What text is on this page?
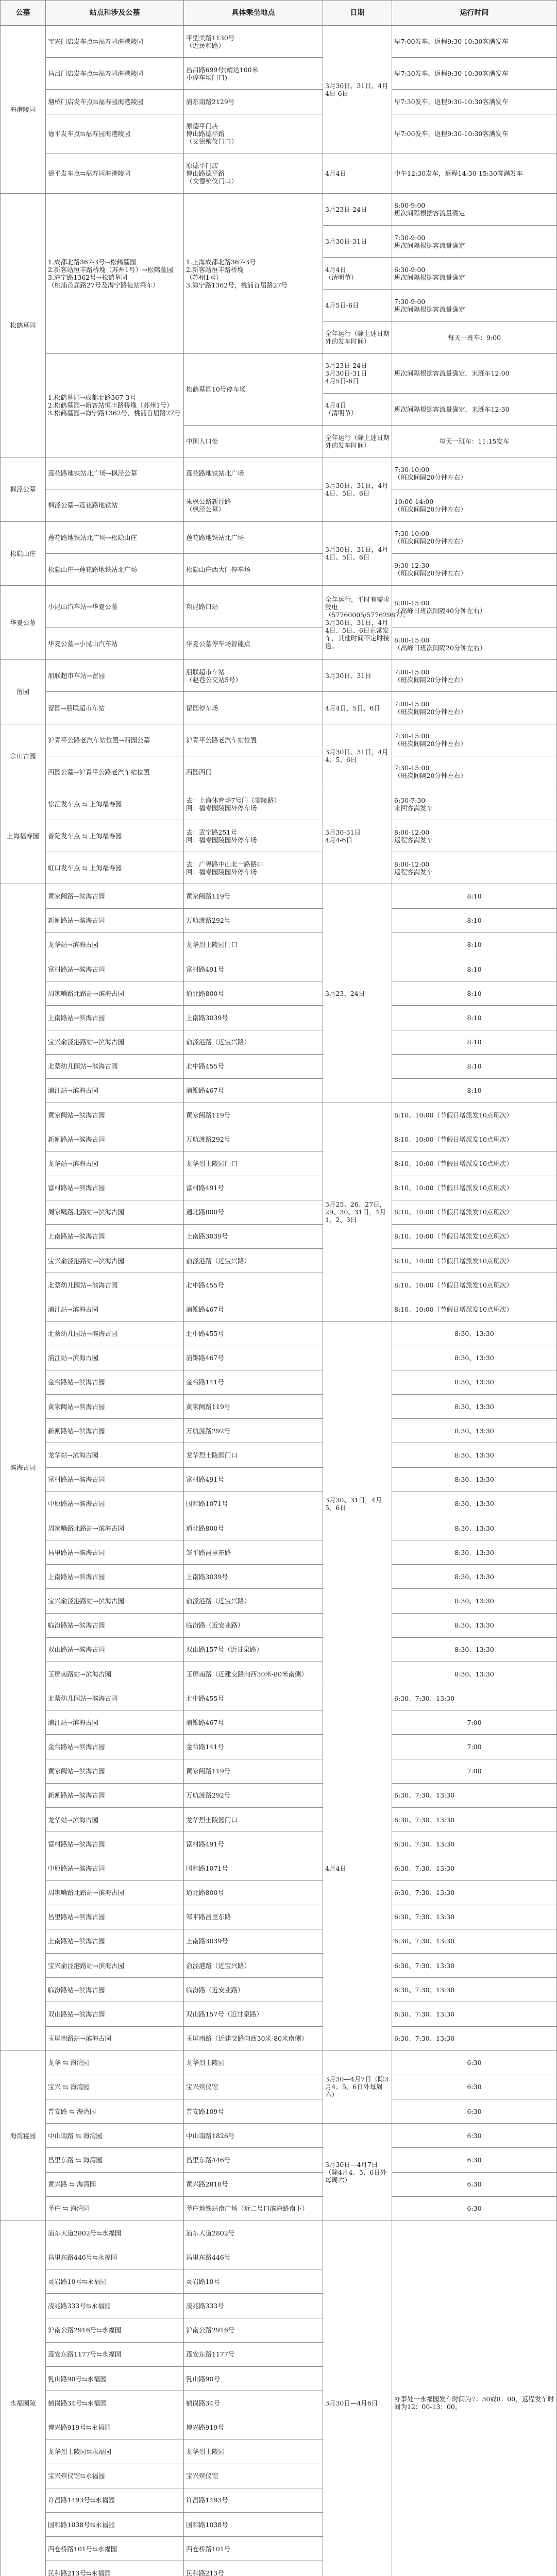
公墓	站点和涉及公墓	具体乘坐地点	日期	运行时间
海港陵园	宝兴门店发车点⇆福寿园海港陵园	平型关路1130号
（近民和路）	3月30日、31日、4月4日-6日	早7:00发车，返程9:30-10:30客满发车
	昌吕门店发车点⇆福寿园海港陵园	昌吕路699号(靖达100米
小停车场门口)		早7:30发车，返程9:30-10:30客满发车
	塘桥门店发车点⇆福寿园海港陵园	浦东南路2129号		早7:30发车，返程9:30-10:30客满发车
	德平发车点⇆福寿园海港陵园	原德平门店
博山路德平路
（文德殡仪门口）		早7:00发车，返程9:30-10:30客满发车
	德平发车点⇆福寿园海港陵园	原德平门店
博山路德平路
（文德殡仪门口）	4月4日	中午12:30发车，返程14:30-15:30客满发车
松鹤墓园	1.成都北路367-3号→松鹤墓园
2.新客站恒丰路桥堍（苏州1号）→松鹤墓园
3.海宁路1362号→松鹤墓园
（桃浦首届路27号及海宁路徒站乘车）	1.上海成都北路367-3号
2.新客站恒丰路桥堍
（苏州1号）
3.海宁路1362号，桃浦首届路27号	3月23日-24日	8:00-9:00
班次间隔根据客流量确定
			3月30日-31日	7:30-9:00
班次间隔根据客流量确定
			4月4日
（清明节）	6:30-9:00
班次间隔根据客流量确定
			4月5日-6日	7:30-9:00
班次间隔根据客流量确定
			全年运行（除上述日期外的发车时间）	每天一班车：9:00
	1.松鹤墓园→成都北路367-3号
2.松鹤墓园→新客站恒丰路桥堍（苏州1号）
3.松鹤墓园→海宁路1362号，桃浦首届路27号	松鹤墓园10号停车场	3月23日-24日
3月30日-31日
4月5日-6日	班次间隔根据客流量确定，末班车12:00
			4月4日
（清明节）	班次间隔根据客流量确定，末班车12:30
		中国人口处	全年运行（除上述日期外的发车时间）	每天一班车：11:15发车
枫泾公墓	莲花路地铁站北广场→枫泾公墓	莲花路地铁站北广场	3月30日、31日，4月4日、5日、6日	7:30-10:00
（班次间隔20分钟左右）
	枫泾公墓→莲花路地铁站	朱枫公路新泾路
（枫泾公墓）		10:00-14:00
（班次间隔20分钟左右）
松隐山庄	莲花路地铁站北广场→松隐山庄	莲花路地铁站北广场	3月30日、31日，4月4日、5日、6日	7:30-10:00
（班次间隔20分钟左右）
	松隐山庄→莲花路地铁站北广场	松隐山庄西大门停车场		9:30-12:30
（班次间隔20分钟左右）
华夏公墓	小昆山汽车站→华夏公墓	翔昆路口站	全年运行，平时有需求致电（57760005/57762987）；3月30日、31日，4月4日、5日、6日正常发车，其他时间不定时接送。	8:00-15:00
（高峰日班次间隔40分钟左右）
	华夏公墓→小昆山汽车站	华夏公墓停车场智能点		8:00-15:00
（高峰日班次间隔20分钟左右）
留园	朋联超市车站→留园	朋联超市车站
（赵巷公交站5号）	3月30日、31日	7:00-15:00
（班次间隔20分钟左右）
	留园→朋联超市车站	留园停车场	4月4日、5日、6日	7:00-15:00
（班次间隔20分钟左右）
佘山古园	沪青平公路老汽车站位置→西园公墓	沪青平公路老汽车站位置	3月30日、31日，4月4、5、6日	7:30-15:00
（班次间隔20分钟左右）
	西园公墓→沪青平公路老汽车站位置	西园西门		7:30-15:00
（班次间隔20分钟左右）
上海福寿园	徐汇发车点 ⇆ 上海福寿园	去：上海体育场7号门（零陵路）
回：福寿园陵园外停车场	3月30-31日
4月4-6日	6:30-7:30
来回客满发车
	普陀发车点 ⇆ 上海福寿园	去：武宁路251号
回：福寿园陵园外停车场		8:00-12:00
返程客满发车
	虹口发车点 ⇆ 上海福寿园	去：广粤路中山北一路路口
回：福寿园陵园外停车场		8:00-12:00
返程客满发车
滨海古园	黄家阙路→滨海古园	黄家阙路119号	3月23、24日	8:10
	新闸路站→滨海古园	万航渡路292号		8:10
	龙华站→滨海古园	龙华烈士陵园门口		8:10
	富村路站→滨海古园	富村路491号		8:10
	周家嘴路北路站→滨海古园	通北路800号		8:10
	上南路站→滨海古园	上南路3039号		8:10
	宝兴俞泾港路站→滨海古园	俞泾港路（近宝兴路）		8:10
	北蔡幼儿园站→滨海古园	北中路455号		8:10
	浦江站→滨海古园	浦锦路467号		8:10
	黄家阙站→滨海古园	黄家阙路119号	3月25、26、27日，29、30、31日，4月1、2、3日	8:10、10:00（节假日增派发10点班次）
	新闸路站→滨海古园	万航渡路292号		8:10、10:00（节假日增派发10点班次）
	龙华站→滨海古园	龙华烈士陵园门口		8:10、10:00（节假日增派发10点班次）
	富村路站→滨海古园	富村路491号		8:10、10:00（节假日增派发10点班次）
	周家嘴路北路站→滨海古园	通北路800号		8:10、10:00（节假日增派发10点班次）
	上南路站→滨海古园	上南路3039号		8:10、10:00（节假日增派发10点班次）
	宝兴俞泾港路站→滨海古园	俞泾港路（近宝兴路）		8:10、10:00（节假日增派发10点班次）
	北蔡幼儿园站→滨海古园	北中路455号		8:10、10:00（节假日增派发10点班次）
	浦江站→滨海古园	浦锦路467号		8:10、10:00（节假日增派发10点班次）
	北蔡幼儿园站→滨海古园	北中路455号	3月30、31日，4月5、6日	8:30、13:30
	浦江站→滨海古园	浦锦路467号		8:30、13:30
	金台路站→滨海古园	金台路141号		8:30、13:30
	黄家阙站→滨海古园	黄家阙路119号		8:30、13:30
	新闸路站→滨海古园	万航渡路292号		8:30、13:30
	龙华站→滨海古园	龙华烈士陵园门口		8:30、13:30
	富村路站→滨海古园	富村路491号		8:30、13:30
	中原路站→滨海古园	国和路1071号		8:30、13:30
	周家嘴路北路站→滨海古园	通北路800号		8:30、13:30
	昌里路站→滨海古园	邹平路昌里东路		8:30、13:30
	上南路站→滨海古园	上南路3039号		8:30、13:30
	宝兴俞泾港路站→滨海古园	俞泾港路（近宝兴路）		8:30、13:30
	临汾路站→滨海古园	临汾路（近安业路）		8:30、13:30
	双山路站→滨海古园	双山路157号（近甘泉路）		8:30、13:30
	玉屏南路站→滨海古园	玉屏南路（近建交路向西30米-80米南侧）		8:30、13:30
	北蔡幼儿园站→滨海古园	北中路455号	4月4日	6:30、7:30、13:30
	浦江站→滨海古园	浦锦路467号		7:00
	金台路站→滨海古园	金台路141号		7:00
	黄家阙站→滨海古园	黄家阙路119号		7:00
	新闸路站→滨海古园	万航渡路292号		6:30、7:30、13:30
	龙华站→滨海古园	龙华烈士陵园门口		6:30、7:30、13:30
	富村路站→滨海古园	富村路491号		6:30、7:30、13:30
	中原路站→滨海古园	国和路1071号		6:30、7:30、13:30
	周家嘴路北路站→滨海古园	通北路800号		6:30、7:30、13:30
	昌里路站→滨海古园	邹平路昌里东路		6:30、7:30、13:30
	上南路站→滨海古园	上南路3039号		6:30、7:30、13:30
	宝兴俞泾港路站→滨海古园	俞泾港路（近宝兴路）		6:30、7:30、13:30
	临汾路站→滨海古园	临汾路（近安业路）		6:30、7:30、13:30
	双山路站→滨海古园	双山路157号（近甘泉路）		6:30、7:30、13:30
	玉屏南路站→滨海古园	玉屏南路（近建交路向西30米-80米南侧）		6:30、7:30、13:30
海湾寝园	龙华 ⇆ 海湾园	龙华烈士陵园	3月30—4月7日（除3月4、5、6日外每周六）	6:30
	宝兴 ⇆ 海湾园	宝兴殡仪馆		6:30
	普安路 ⇆ 海湾园	普安路109号		6:30
	中山南路 ⇆ 海湾园	中山南路1826号	3月30日—4月7日（除4月4、5、6日外每周六）	6:30
	昌里东路 ⇆ 海湾园	昌里东路446号		6:30
	黄兴路 ⇆ 海湾园	黄兴路2818号		6:30
	莘庄 ⇆ 海湾园	莘庄地铁站南广场（近二号口滨海路南下）		6:30
永福园陵	浦东大道2802号⇆永福园	浦东大道2802号	3月30日—4月6日	办事处一永福园发车时间为7：30或8：00，返程发车时间为12：00-13：00。
	昌里东路446号⇆永福园	昌里东路446号		
	灵岩路10号⇆永福园	灵岩路10号		
	凌兆路333号⇆永福园	凌兆路333号		
	沪南公路2916号⇆永福园	沪南公路2916号		
	莲安东路1177号⇆永福园	莲安东路1177号		
	乳山路90号⇆永福园	乳山路90号		
	鹤岗路34号⇆永福园	鹤岗路34号		
	博兴路919号⇆永福园	博兴路919号		
	龙华烈士陵园⇆永福园	龙华烈士陵园		
	宝兴殡仪馆⇆永福园	宝兴殡仪馆		
	许昌路1493号⇆永福园	许昌路1493号		
	国和路1038号⇆永福园	国和路1038号		
	西仓桥路101号⇆永福园	西仓桥路101号		
	民和路213号⇆永福园	民和路213号		
